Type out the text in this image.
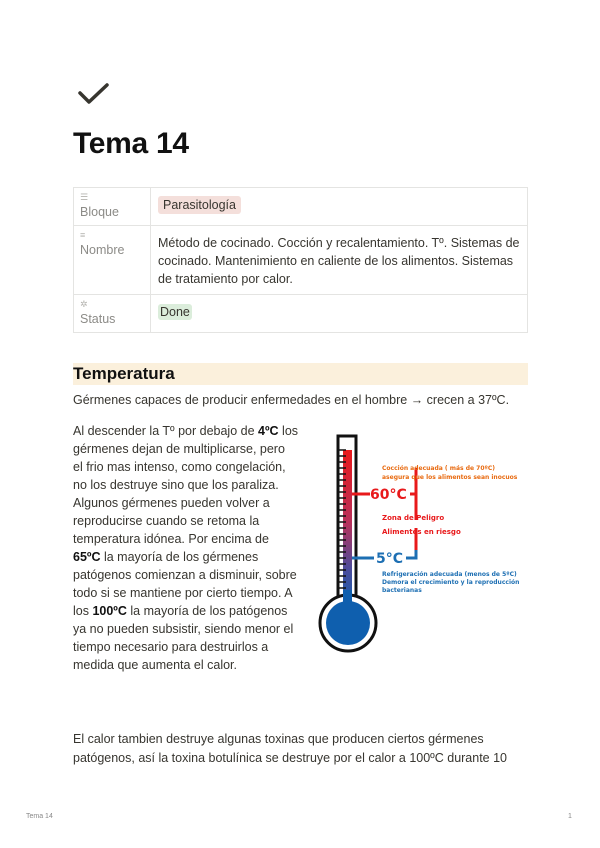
Tema 14
☰
Bloque	Parasitología

≡
Nombre	Método de cocinado. Cocción y recalentamiento. Tº. Sistemas de cocinado. Mantenimiento en caliente de los alimentos. Sistemas de tratamiento por calor.

✲
Status	Done
Temperatura

Gérmenes capaces de producir enfermedades en el hombre → crecen a 37ºC.

Al descender la Tº por debajo de 4ºC los gérmenes dejan de multiplicarse, pero el frio mas intenso, como congelación, no los destruye sino que los paraliza. Algunos gérmenes pueden volver a reproducirse cuando se retoma la temperatura idónea. Por encima de 65ºC la mayoría de los gérmenes patógenos comienzan a disminuir, sobre todo si se mantiene por cierto tiempo. A los 100ºC la mayoría de los patógenos ya no pueden subsistir, siendo menor el tiempo necesario para destruirlos a medida que aumenta el calor.

60°C
Cocción adecuada ( más de 70ºC)
asegura que los alimentos sean inocuos
Zona de Peligro
Alimentos en riesgo
5°C
Refrigeración adecuada (menos de 5ºC)
Demora el crecimiento y la reproducción
bacterianas

El calor tambien destruye algunas toxinas que producen ciertos gérmenes patógenos, así la toxina botulínica se destruye por el calor a 100ºC durante 10

Tema 14	1
